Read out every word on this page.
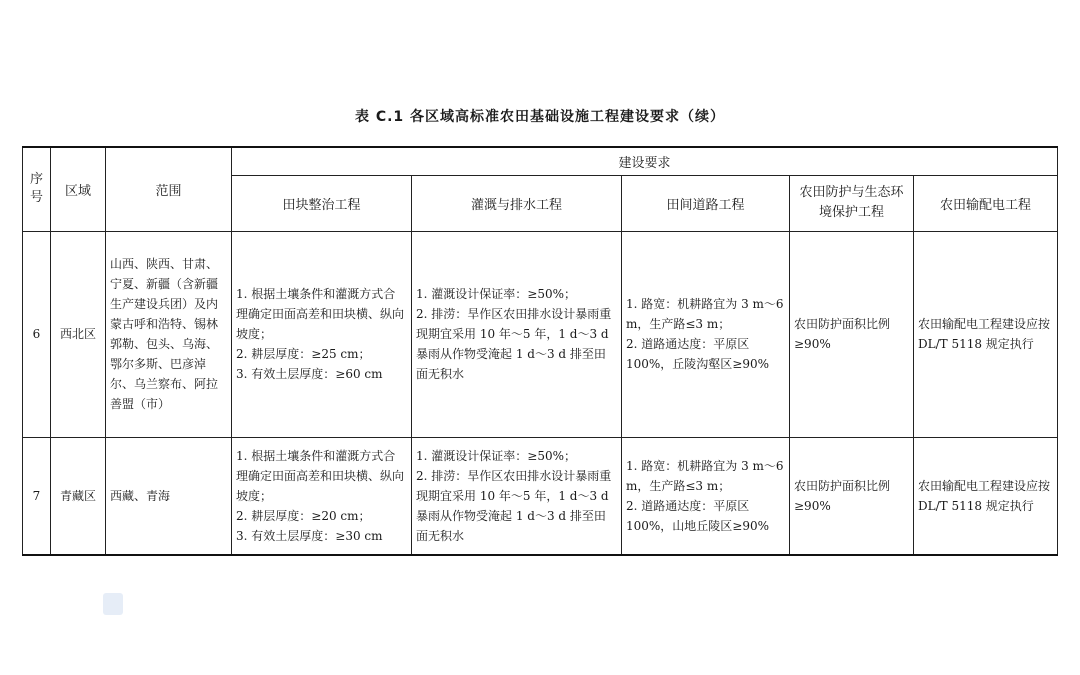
表 C.1 各区域高标准农田基础设施工程建设要求（续）
序号	区域	范围	建设要求				
			田块整治工程	灌溉与排水工程	田间道路工程	农田防护与生态环境保护工程	农田输配电工程
6	西北区	山西、陕西、甘肃、宁夏、新疆（含新疆生产建设兵团）及内蒙古呼和浩特、锡林郭勒、包头、乌海、鄂尔多斯、巴彦淖尔、乌兰察布、阿拉善盟（市）	1. 根据土壤条件和灌溉方式合理确定田面高差和田块横、纵向坡度；
2. 耕层厚度：≥25 cm；
3. 有效土层厚度：≥60 cm	1. 灌溉设计保证率：≥50%；
2. 排涝：旱作区农田排水设计暴雨重现期宜采用 10 年～5 年，1 d～3 d 暴雨从作物受淹起 1 d～3 d 排至田面无积水	1. 路宽：机耕路宜为 3 m～6 m，生产路≤3 m；
2. 道路通达度：平原区 100%，丘陵沟壑区≥90%	农田防护面积比例≥90%	农田输配电工程建设应按 DL/T 5118 规定执行
7	青藏区	西藏、青海	1. 根据土壤条件和灌溉方式合理确定田面高差和田块横、纵向坡度；
2. 耕层厚度：≥20 cm；
3. 有效土层厚度：≥30 cm	1. 灌溉设计保证率：≥50%；
2. 排涝：旱作区农田排水设计暴雨重现期宜采用 10 年～5 年，1 d～3 d 暴雨从作物受淹起 1 d～3 d 排至田面无积水	1. 路宽：机耕路宜为 3 m～6 m，生产路≤3 m；
2. 道路通达度：平原区 100%，山地丘陵区≥90%	农田防护面积比例≥90%	农田输配电工程建设应按 DL/T 5118 规定执行
